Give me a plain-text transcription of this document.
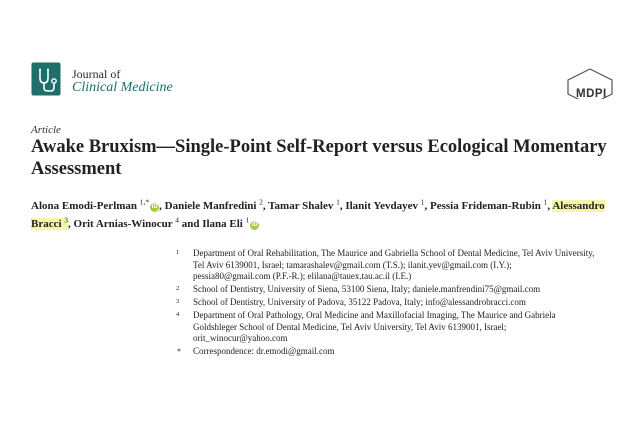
Journal of
Clinical Medicine	MDPI
Article
Awake Bruxism—Single-Point Self-Report versus Ecological Momentary Assessment
Alona Emodi-Perlman $^{1,*}$iD , Daniele Manfredini $^2$, Tamar Shalev $^1$, Ilanit Yevdayev $^1$, Pessia Frideman-Rubin $^1$, Alessandro Bracci $^3$, Orit Arnias-Winocur $^4$ and Ilana Eli $^1$iD
1 Department of Oral Rehabilitation, The Maurice and Gabriella School of Dental Medicine, Tel Aviv University,
Tel Aviv 6139001, Israel; tamarashalev@gmail.com (T.S.); ilanit.yev@gmail.com (I.Y.);
pessia80@gmail.com (P.F.-R.); elilana@tauex.tau.ac.il (I.E.)
2 School of Dentistry, University of Siena, 53100 Siena, Italy; daniele.manfrendini75@gmail.com
3 School of Dentistry, University of Padova, 35122 Padova, Italy; info@alessandrobracci.com
4 Department of Oral Pathology, Oral Medicine and Maxillofacial Imaging, The Maurice and Gabriela
Goldshleger School of Dental Medicine, Tel Aviv University, Tel Aviv 6139001, Israel;
orit_winocur@yahoo.com
* Correspondence: dr.emodi@gmail.com
